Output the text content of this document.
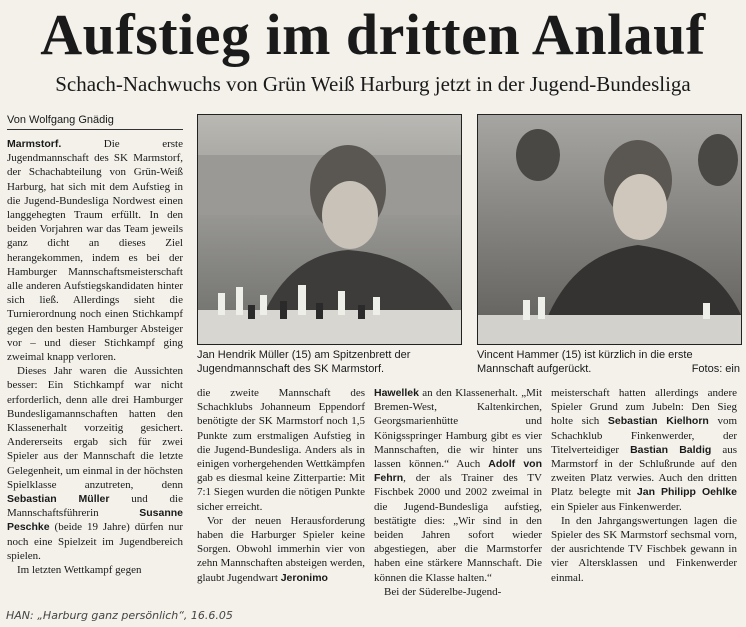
Aufstieg im dritten Anlauf
Schach-Nachwuchs von Grün Weiß Harburg jetzt in der Jugend-Bundesliga
Von Wolfgang Gnädig

Marmstorf. Die erste Jugendmannschaft des SK Marmstorf, der Schachabteilung von Grün-Weiß Harburg, hat sich mit dem Aufstieg in die Jugend-Bundesliga Nordwest einen langgehegten Traum erfüllt. In den beiden Vorjahren war das Team jeweils ganz dicht an dieses Ziel herangekommen, indem es bei der Hamburger Mannschaftsmeisterschaft alle anderen Aufstiegskandidaten hinter sich ließ. Allerdings sieht die Turnierordnung noch einen Stichkampf gegen den besten Hamburger Absteiger vor – und dieser Stichkampf ging zweimal knapp verloren.

Dieses Jahr waren die Aussichten besser: Ein Stichkampf war nicht erforderlich, denn alle drei Hamburger Bundesligamannschaften hatten den Klassenerhalt vorzeitig gesichert. Andererseits ergab sich für zwei Spieler aus der Mannschaft die letzte Gelegenheit, um einmal in der höchsten Spielklasse anzutreten, denn Sebastian Müller und die Mannschaftsführerin Susanne Peschke (beide 19 Jahre) dürfen nur noch eine Spielzeit im Jugendbereich spielen.

Im letzten Wettkampf gegen

Jan Hendrik Müller (15) am Spitzenbrett der Jugendmannschaft des SK Marmstorf.
Vincent Hammer (15) ist kürzlich in die erste Mannschaft aufgerückt.	Fotos: ein

die zweite Mannschaft des Schachklubs Johanneum Eppendorf benötigte der SK Marmstorf noch 1,5 Punkte zum erstmaligen Aufstieg in die Jugend-Bundesliga. Anders als in einigen vorhergehenden Wettkämpfen gab es diesmal keine Zitterpartie: Mit 7:1 Siegen wurden die nötigen Punkte sicher erreicht.

Vor der neuen Herausforderung haben die Harburger Spieler keine Sorgen. Obwohl immerhin vier von zehn Mannschaften absteigen werden, glaubt Jugendwart Jeronimo

Hawellek an den Klassenerhalt. „Mit Bremen-West, Kaltenkirchen, Georgsmarienhütte und Königsspringer Hamburg gibt es vier Mannschaften, die wir hinter uns lassen können.“ Auch Adolf von Fehrn, der als Trainer des TV Fischbek 2000 und 2002 zweimal in die Jugend-Bundesliga aufstieg, bestätigte dies: „Wir sind in den beiden Jahren sofort wieder abgestiegen, aber die Marmstorfer haben eine stärkere Mannschaft. Die können die Klasse halten.“

Bei der Süderelbe-Jugend-

meisterschaft hatten allerdings andere Spieler Grund zum Jubeln: Den Sieg holte sich Sebastian Kielhorn vom Schachklub Finkenwerder, der Titelverteidiger Bastian Baldig aus Marmstorf in der Schlußrunde auf den zweiten Platz verwies. Auch den dritten Platz belegte mit Jan Philipp Oehlke ein Spieler aus Finkenwerder.

In den Jahrgangswertungen lagen die Spieler des SK Marmstorf sechsmal vorn, der ausrichtende TV Fischbek gewann in vier Altersklassen und Finkenwerder einmal.

HAN: „Harburg ganz persönlich“, 16.6.05
